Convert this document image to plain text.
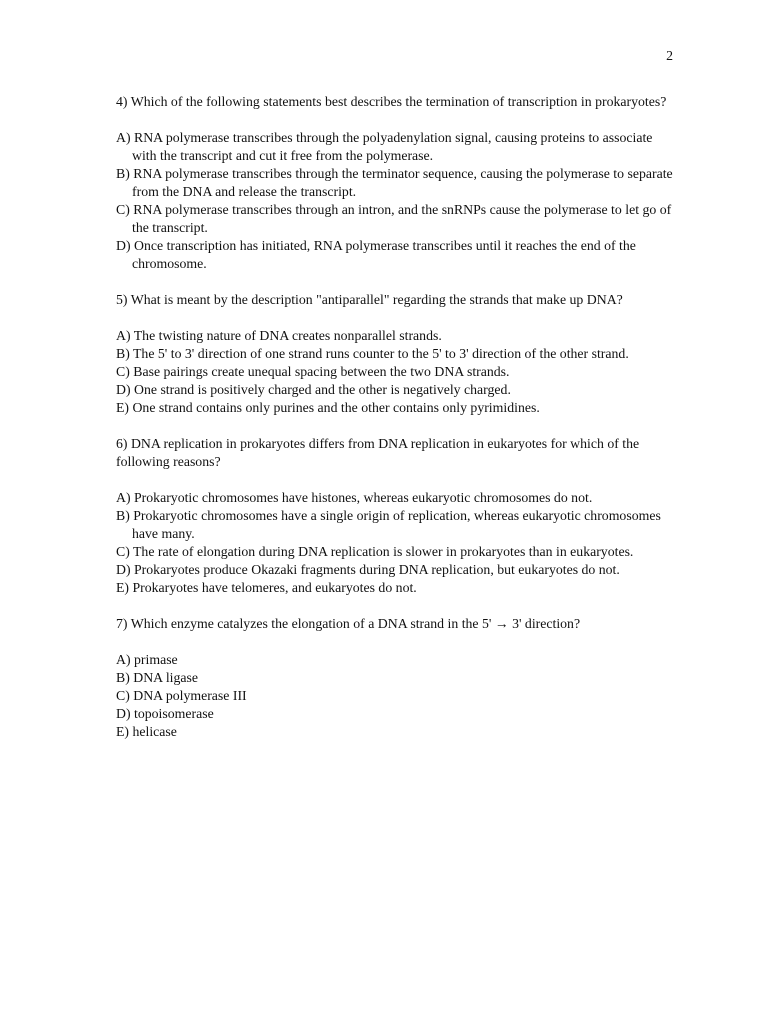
2

4) Which of the following statements best describes the termination of transcription in prokaryotes?

A) RNA polymerase transcribes through the polyadenylation signal, causing proteins to associate with the transcript and cut it free from the polymerase.

B) RNA polymerase transcribes through the terminator sequence, causing the polymerase to separate from the DNA and release the transcript.

C) RNA polymerase transcribes through an intron, and the snRNPs cause the polymerase to let go of the transcript.

D) Once transcription has initiated, RNA polymerase transcribes until it reaches the end of the chromosome.

5) What is meant by the description "antiparallel" regarding the strands that make up DNA?

A) The twisting nature of DNA creates nonparallel strands.

B) The 5' to 3' direction of one strand runs counter to the 5' to 3' direction of the other strand.

C) Base pairings create unequal spacing between the two DNA strands.

D) One strand is positively charged and the other is negatively charged.

E) One strand contains only purines and the other contains only pyrimidines.

6) DNA replication in prokaryotes differs from DNA replication in eukaryotes for which of the following reasons?

A) Prokaryotic chromosomes have histones, whereas eukaryotic chromosomes do not.

B) Prokaryotic chromosomes have a single origin of replication, whereas eukaryotic chromosomes have many.

C) The rate of elongation during DNA replication is slower in prokaryotes than in eukaryotes.

D) Prokaryotes produce Okazaki fragments during DNA replication, but eukaryotes do not.

E) Prokaryotes have telomeres, and eukaryotes do not.

7) Which enzyme catalyzes the elongation of a DNA strand in the 5' → 3' direction?

A) primase

B) DNA ligase

C) DNA polymerase III

D) topoisomerase

E) helicase
